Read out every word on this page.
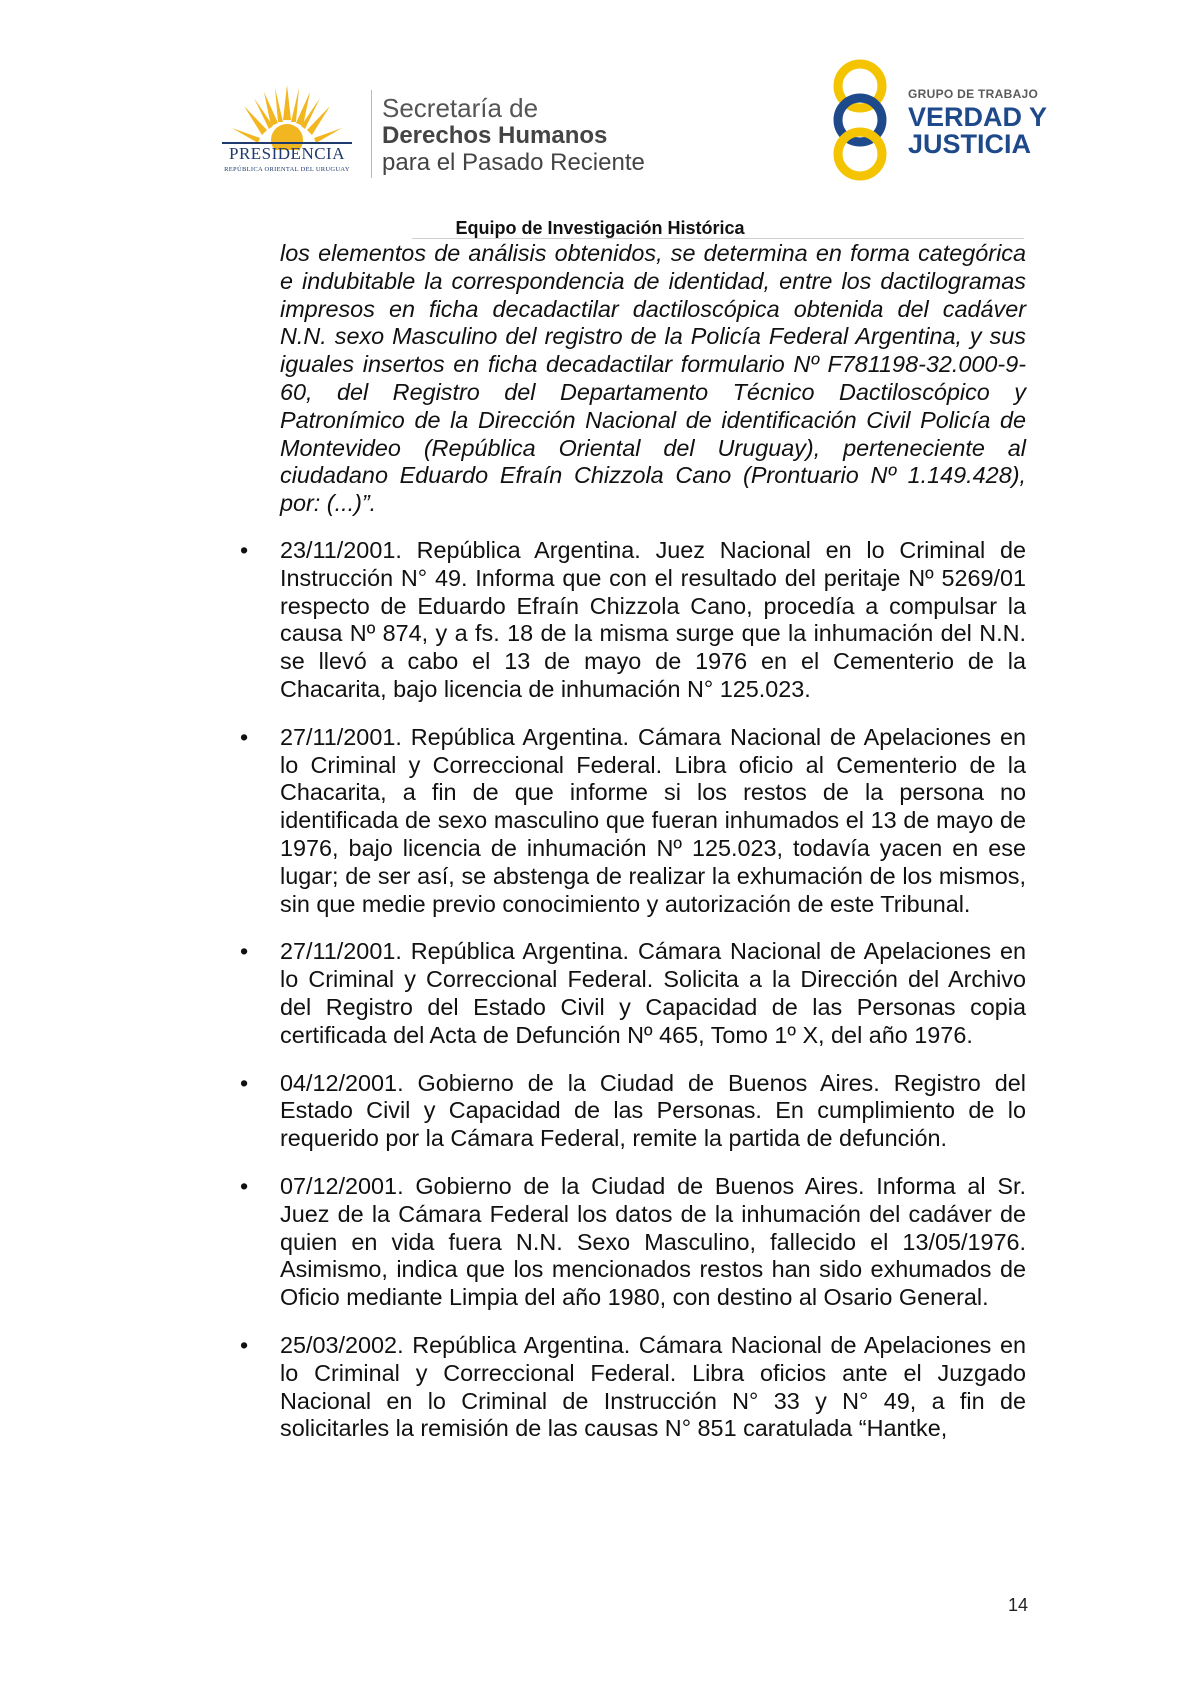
PRESIDENCIA
REPÚBLICA ORIENTAL DEL URUGUAY
Secretaría de
Derechos Humanos
para el Pasado Reciente
GRUPO DE TRABAJO
VERDAD Y
JUSTICIA
Equipo de Investigación Histórica
los elementos de análisis obtenidos, se determina en forma categórica e indubitable la correspondencia de identidad, entre los dactilogramas impresos en ficha decadactilar dactiloscópica obtenida del cadáver N.N. sexo Masculino del registro de la Policía Federal Argentina, y sus iguales insertos en ficha decadactilar formulario Nº F781198-32.000-9-60, del Registro del Departamento Técnico Dactiloscópico y Patronímico de la Dirección Nacional de identificación Civil Policía de Montevideo (República Oriental del Uruguay), perteneciente al ciudadano Eduardo Efraín Chizzola Cano (Prontuario Nº 1.149.428), por: (...)”.
• 23/11/2001. República Argentina. Juez Nacional en lo Criminal de Instrucción N° 49. Informa que con el resultado del peritaje Nº 5269/01 respecto de Eduardo Efraín Chizzola Cano, procedía a compulsar la causa Nº 874, y a fs. 18 de la misma surge que la inhumación del N.N. se llevó a cabo el 13 de mayo de 1976 en el Cementerio de la Chacarita, bajo licencia de inhumación N° 125.023.
• 27/11/2001. República Argentina. Cámara Nacional de Apelaciones en lo Criminal y Correccional Federal. Libra oficio al Cementerio de la Chacarita, a fin de que informe si los restos de la persona no identificada de sexo masculino que fueran inhumados el 13 de mayo de 1976, bajo licencia de inhumación Nº 125.023, todavía yacen en ese lugar; de ser así, se abstenga de realizar la exhumación de los mismos, sin que medie previo conocimiento y autorización de este Tribunal.
• 27/11/2001. República Argentina. Cámara Nacional de Apelaciones en lo Criminal y Correccional Federal. Solicita a la Dirección del Archivo del Registro del Estado Civil y Capacidad de las Personas copia certificada del Acta de Defunción Nº 465, Tomo 1º X, del año 1976.
• 04/12/2001. Gobierno de la Ciudad de Buenos Aires. Registro del Estado Civil y Capacidad de las Personas. En cumplimiento de lo requerido por la Cámara Federal, remite la partida de defunción.
• 07/12/2001. Gobierno de la Ciudad de Buenos Aires. Informa al Sr. Juez de la Cámara Federal los datos de la inhumación del cadáver de quien en vida fuera N.N. Sexo Masculino, fallecido el 13/05/1976. Asimismo, indica que los mencionados restos han sido exhumados de Oficio mediante Limpia del año 1980, con destino al Osario General.
• 25/03/2002. República Argentina. Cámara Nacional de Apelaciones en lo Criminal y Correccional Federal. Libra oficios ante el Juzgado Nacional en lo Criminal de Instrucción N° 33 y N° 49, a fin de solicitarles la remisión de las causas N° 851 caratulada “Hantke,
14
